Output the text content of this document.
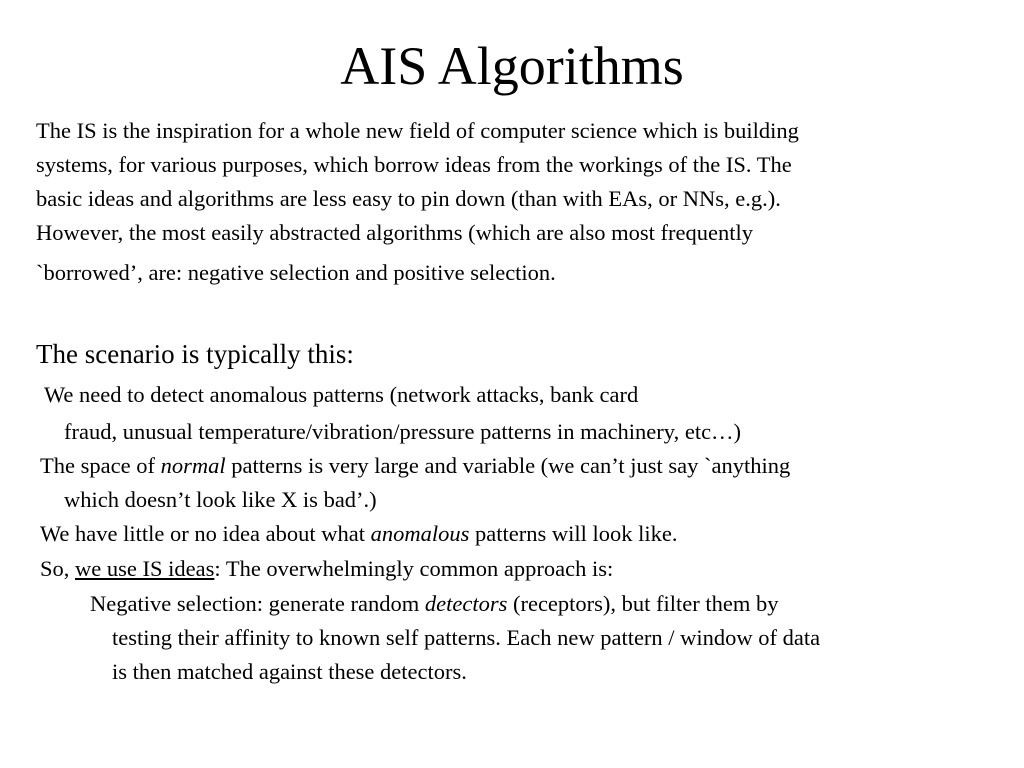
AIS Algorithms
The IS is the inspiration for a whole new field of computer science which is building
systems, for various purposes, which borrow ideas from the workings of the IS. The
basic ideas and algorithms are less easy to pin down (than with EAs, or NNs, e.g.).
However, the most easily abstracted algorithms (which are also most frequently
`borrowed’, are: negative selection and positive selection.
The scenario is typically this:
We need to detect anomalous patterns (network attacks, bank card
fraud, unusual temperature/vibration/pressure patterns in machinery, etc…)
The space of normal patterns is very large and variable (we can’t just say `anything
which doesn’t look like X is bad’.)
We have little or no idea about what anomalous patterns will look like.
So, we use IS ideas: The overwhelmingly common approach is:
Negative selection: generate random detectors (receptors), but filter them by
testing their affinity to known self patterns. Each new pattern / window of data
is then matched against these detectors.
